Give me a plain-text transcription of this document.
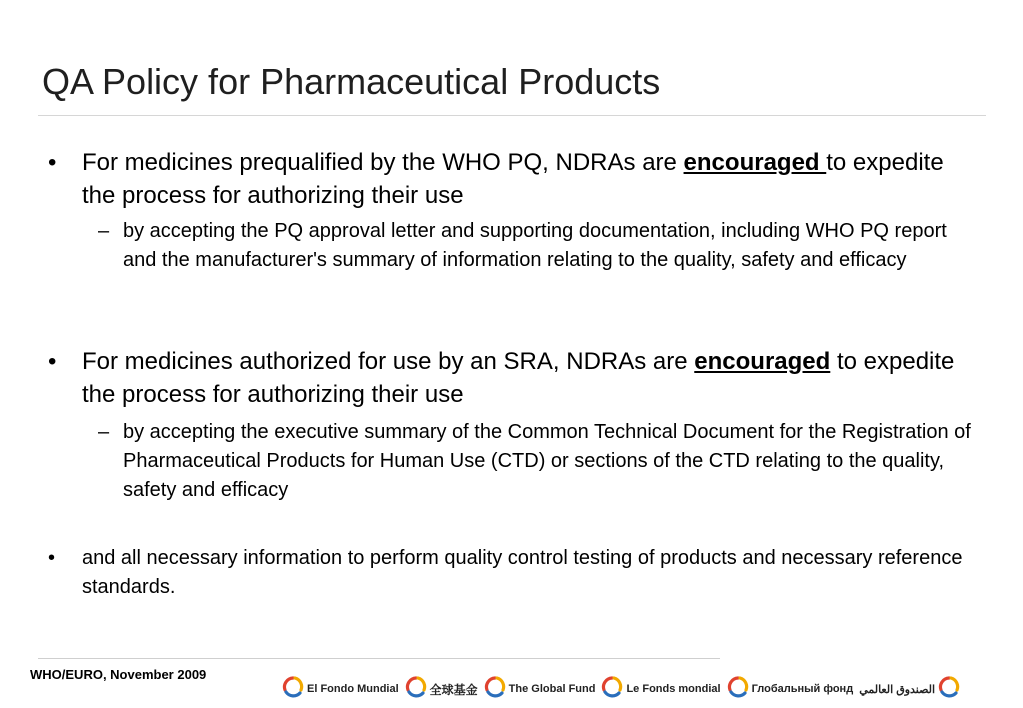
QA Policy for Pharmaceutical Products
• For medicines prequalified by the WHO PQ, NDRAs are encouraged to expedite the process for authorizing their use
– by accepting the PQ approval letter and supporting documentation, including WHO PQ report and the manufacturer's summary of information relating to the quality, safety and efficacy
• For medicines authorized for use by an SRA, NDRAs are encouraged to expedite the process for authorizing their use
– by accepting the executive summary of the Common Technical Document for the Registration of Pharmaceutical Products for Human Use (CTD) or sections of the CTD relating to the quality, safety and efficacy
• and all necessary information to perform quality control testing of products and necessary reference standards.
WHO/EURO, November 2009
El Fondo Mundial	全球基金	The Global Fund	Le Fonds mondial	Глобальный фонд الصندوق العالمي
